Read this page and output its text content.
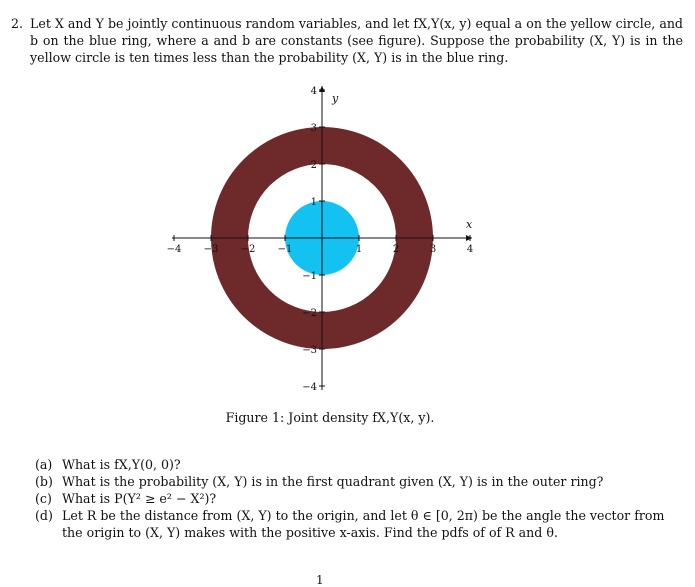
2. Let X and Y be jointly continuous random variables, and let fX,Y(x, y) equal a on the yellow circle, and b on the blue ring, where a and b are constants (see figure). Suppose the probability (X, Y) is in the yellow circle is ten times less than the probability (X, Y) is in the blue ring.
−4 −3 −2 −1	1	2	3	4
4
3
2
1
−1
−2
−3
−4
x
y
Figure 1: Joint density fX,Y(x, y).
(a) What is fX,Y(0, 0)?
(b) What is the probability (X, Y) is in the first quadrant given (X, Y) is in the outer ring?
(c) What is P(Y² ≥ e² − X²)?
(d) Let R be the distance from (X, Y) to the origin, and let θ ∈ [0, 2π) be the angle the vector from the origin to (X, Y) makes with the positive x-axis. Find the pdfs of of R and θ.
1
